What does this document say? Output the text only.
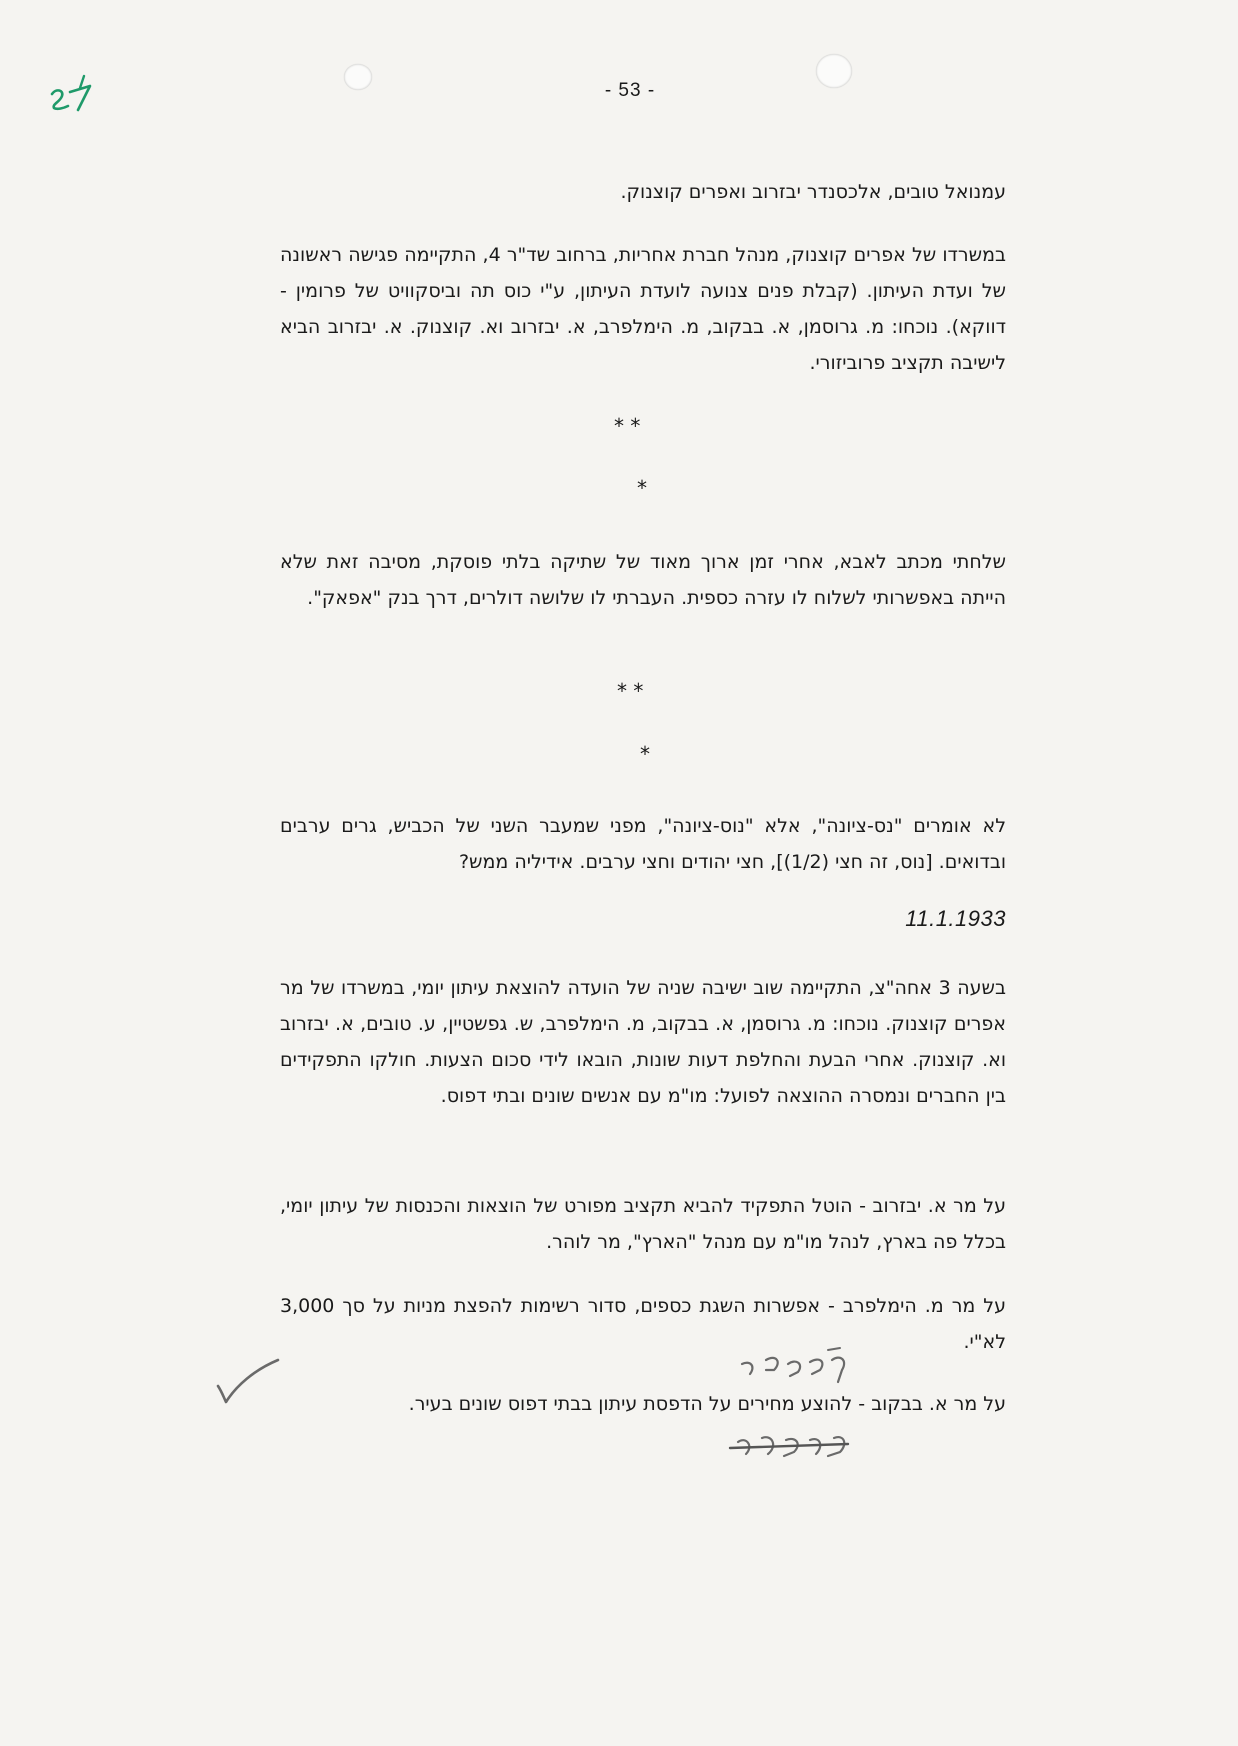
- 53 -

עמנואל טובים, אלכסנדר יבזרוב ואפרים קוצנוק.

במשרדו של אפרים קוצנוק, מנהל חברת אחריות, ברחוב שד"ר 4, התקיימה פגישה ראשונה של ועדת העיתון. (קבלת פנים צנועה לועדת העיתון, ע"י כוס תה וביסקוויט של פרומין - דווקא). נוכחו: מ. גרוסמן, א. בבקוב, מ. הימלפרב, א. יבזרוב וא. קוצנוק. א. יבזרוב הביא לישיבה תקציב פרוביזורי.

* *
*

שלחתי מכתב לאבא, אחרי זמן ארוך מאוד של שתיקה בלתי פוסקת, מסיבה זאת שלא הייתה באפשרותי לשלוח לו עזרה כספית. העברתי לו שלושה דולרים, דרך בנק "אפאק".

* *
*

לא אומרים "נס-ציונה", אלא "נוס-ציונה", מפני שמעבר השני של הכביש, גרים ערבים ובדואים. [נוס, זה חצי (1/2)], חצי יהודים וחצי ערבים. אידיליה ממש?

11.1.1933

בשעה 3 אחה"צ, התקיימה שוב ישיבה שניה של הועדה להוצאת עיתון יומי, במשרדו של מר אפרים קוצנוק. נוכחו: מ. גרוסמן, א. בבקוב, מ. הימלפרב, ש. גפשטיין, ע. טובים, א. יבזרוב וא. קוצנוק. אחרי הבעת והחלפת דעות שונות, הובאו לידי סכום הצעות. חולקו התפקידים בין החברים ונמסרה ההוצאה לפועל: מו"מ עם אנשים שונים ובתי דפוס.

על מר א. יבזרוב - הוטל התפקיד להביא תקציב מפורט של הוצאות והכנסות של עיתון יומי, בכלל פה בארץ, לנהל מו"מ עם מנהל "הארץ", מר לוהר.

על מר מ. הימלפרב - אפשרות השגת כספים, סדור רשימות להפצת מניות על סך 3,000 לא"י.

על מר א. בבקוב - להוצע מחירים על הדפסת עיתון בבתי דפוס שונים בעיר.
